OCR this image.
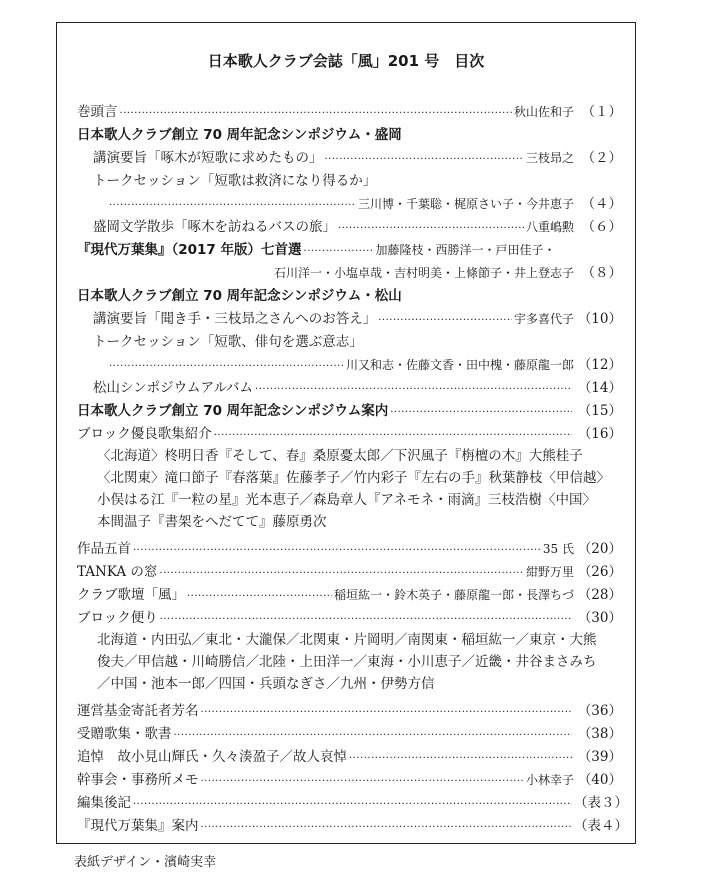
日本歌人クラブ会誌「風」201 号　目次
巻頭言 ·····	秋山佐和子 （１）
日本歌人クラブ創立 70 周年記念シンポジウム・盛岡
講演要旨「啄木が短歌に求めたもの」 ·····	三枝昻之 （２）
トークセッション「短歌は救済になり得るか」
·····
三川博・千葉聡・梶原さい子・今井恵子 （４）
盛岡文学散歩「啄木を訪ねるバスの旅」 ·····	八重嶋勲 （６）
『現代万葉集』（2017 年版）七首選 ·····	加藤隆枝・西勝洋一・戸田佳子・
石川洋一・小塩卓哉・吉村明美・上條節子・井上登志子 （８）
日本歌人クラブ創立 70 周年記念シンポジウム・松山
講演要旨「聞き手・三枝昻之さんへのお答え」 ·····	宇多喜代子 （10）
トークセッション「短歌、俳句を選ぶ意志」
·····
川又和志・佐藤文香・田中槐・藤原龍一郎 （12）
松山シンポジウムアルバム ·····	（14）
日本歌人クラブ創立 70 周年記念シンポジウム案内 ·····	（15）
ブロック優良歌集紹介 ·····	（16）
〈北海道〉柊明日香『そして、春』桑原憂太郎／下沢風子『栴檀の木』大熊桂子〈北関東〉滝口節子『春落葉』佐藤孝子／竹内彩子『左右の手』秋葉静枝〈甲信越〉小俣はる江『一粒の星』光本恵子／森島章人『アネモネ・雨滴』三枝浩樹〈中国〉本間温子『書架をへだてて』藤原勇次
作品五首 ·····	35 氏 （20）
TANKA の窓 ·····	紺野万里 （26）
クラブ歌壇「風」 ·····	稲垣紘一・鈴木英子・藤原龍一郎・長澤ちづ （28）
ブロック便り ·····	（30）
北海道・内田弘／東北・大瀧保／北関東・片岡明／南関東・稲垣紘一／東京・大熊俊夫／甲信越・川崎勝信／北陸・上田洋一／東海・小川恵子／近畿・井谷まさみち／中国・池本一郎／四国・兵頭なぎさ／九州・伊勢方信
運営基金寄託者芳名 ·····	（36）
受贈歌集・歌書 ·····	（38）
追悼　故小見山輝氏・久々湊盈子／故人哀悼 ·····	（39）
幹事会・事務所メモ ·····	小林幸子 （40）
編集後記 ·····	（表３）
『現代万葉集』案内 ·····	（表４）
表紙デザイン・濱崎実幸
